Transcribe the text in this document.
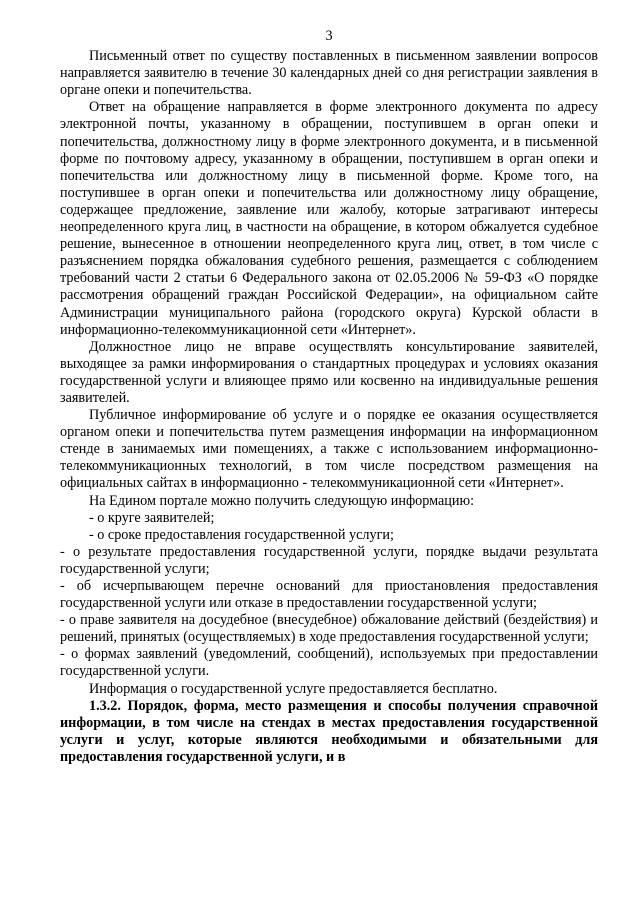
3

Письменный ответ по существу поставленных в письменном заявлении вопросов направляется заявителю в течение 30 календарных дней со дня регистрации заявления в органе опеки и попечительства.

Ответ на обращение направляется в форме электронного документа по адресу электронной почты, указанному в обращении, поступившем в орган опеки и попечительства, должностному лицу в форме электронного документа, и в письменной форме по почтовому адресу, указанному в обращении, поступившем в орган опеки и попечительства или должностному лицу в письменной форме. Кроме того, на поступившее в орган опеки и попечительства или должностному лицу обращение, содержащее предложение, заявление или жалобу, которые затрагивают интересы неопределенного круга лиц, в частности на обращение, в котором обжалуется судебное решение, вынесенное в отношении неопределенного круга лиц, ответ, в том числе с разъяснением порядка обжалования судебного решения, размещается с соблюдением требований части 2 статьи 6 Федерального закона от 02.05.2006 № 59-ФЗ «О порядке рассмотрения обращений граждан Российской Федерации», на официальном сайте Администрации муниципального района (городского округа) Курской области в информационно-телекоммуникационной сети «Интернет».

Должностное лицо не вправе осуществлять консультирование заявителей, выходящее за рамки информирования о стандартных процедурах и условиях оказания государственной услуги и влияющее прямо или косвенно на индивидуальные решения заявителей.

Публичное информирование об услуге и о порядке ее оказания осуществляется органом опеки и попечительства путем размещения информации на информационном стенде в занимаемых ими помещениях, а также с использованием информационно-телекоммуникационных технологий, в том числе посредством размещения на официальных сайтах в информационно - телекоммуникационной сети «Интернет».

На Едином портале можно получить следующую информацию:

- о круге заявителей;

- о сроке предоставления государственной услуги;

- о результате предоставления государственной услуги, порядке выдачи результата государственной услуги;

- об исчерпывающем перечне оснований для приостановления предоставления государственной услуги или отказе в предоставлении государственной услуги;

- о праве заявителя на досудебное (внесудебное) обжалование действий (бездействия) и решений, принятых (осуществляемых) в ходе предоставления государственной услуги;

- о формах заявлений (уведомлений, сообщений), используемых при предоставлении государственной услуги.

Информация о государственной услуге предоставляется бесплатно.

1.3.2. Порядок, форма, место размещения и способы получения справочной информации, в том числе на стендах в местах предоставления государственной услуги и услуг, которые являются необходимыми и обязательными для предоставления государственной услуги, и в
